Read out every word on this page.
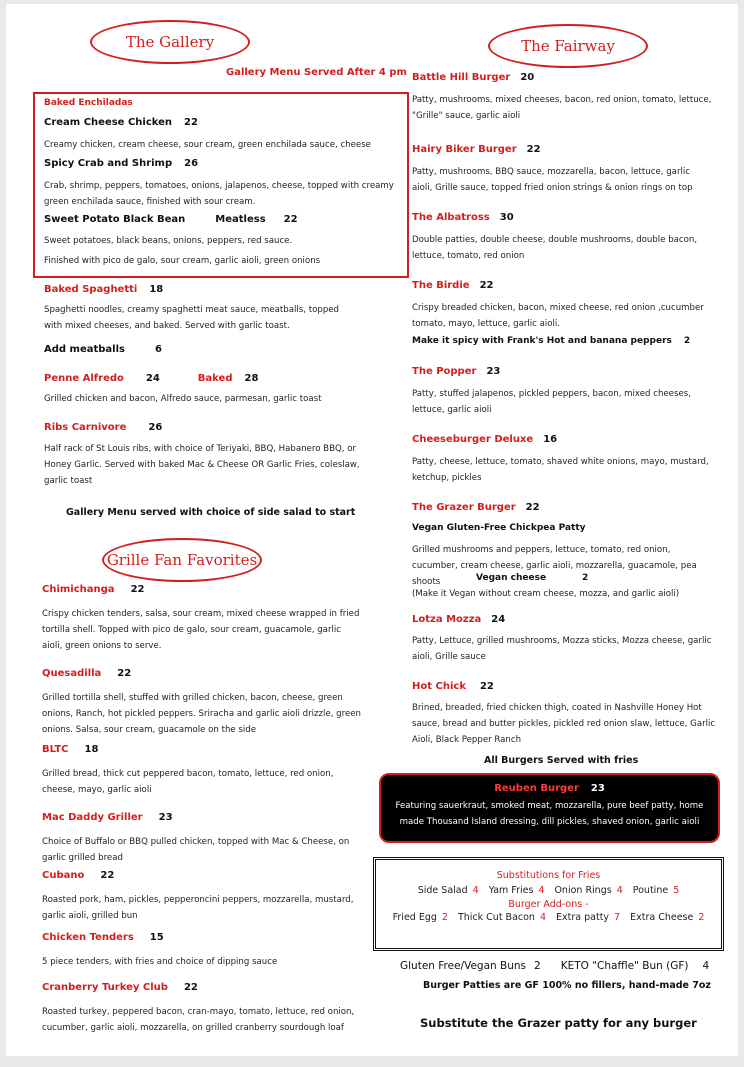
The Gallery
Gallery Menu Served After 4 pm
Baked Enchiladas
Cream Cheese Chicken 22
Creamy chicken, cream cheese, sour cream, green enchilada sauce, cheese
Spicy Crab and Shrimp 26
Crab, shrimp, peppers, tomatoes, onions, jalapenos, cheese, topped with creamy green enchilada sauce, finished with sour cream.
Sweet Potato Black Bean	Meatless 22
Sweet potatoes, black beans, onions, peppers, red sauce.
Finished with pico de galo, sour cream, garlic aioli, green onions
Baked Spaghetti 18
Spaghetti noodles, creamy spaghetti meat sauce, meatballs, topped with mixed cheeses, and baked. Served with garlic toast.
Add meatballs	6
Penne Alfredo 24	Baked 28
Grilled chicken and bacon, Alfredo sauce, parmesan, garlic toast
Ribs Carnivore 26
Half rack of St Louis ribs, with choice of Teriyaki, BBQ, Habanero BBQ, or Honey Garlic. Served with baked Mac & Cheese OR Garlic Fries, coleslaw, garlic toast
Gallery Menu served with choice of side salad to start
Grille Fan Favorites
Chimichanga 22
Crispy chicken tenders, salsa, sour cream, mixed cheese wrapped in fried tortilla shell. Topped with pico de galo, sour cream, guacamole, garlic aioli, green onions to serve.
Quesadilla 22
Grilled tortilla shell, stuffed with grilled chicken, bacon, cheese, green onions, Ranch, hot pickled peppers. Sriracha and garlic aioli drizzle, green onions. Salsa, sour cream, guacamole on the side
BLTC 18
Grilled bread, thick cut peppered bacon, tomato, lettuce, red onion, cheese, mayo, garlic aioli
Mac Daddy Griller 23
Choice of Buffalo or BBQ pulled chicken, topped with Mac & Cheese, on garlic grilled bread
Cubano 22
Roasted pork, ham, pickles, pepperoncini peppers, mozzarella, mustard, garlic aioli, grilled bun
Chicken Tenders 15
5 piece tenders, with fries and choice of dipping sauce
Cranberry Turkey Club 22
Roasted turkey, peppered bacon, cran-mayo, tomato, lettuce, red onion, cucumber, garlic aioli, mozzarella, on grilled cranberry sourdough loaf
The Fairway
Battle Hill Burger 20
Patty, mushrooms, mixed cheeses, bacon, red onion, tomato, lettuce, "Grille" sauce, garlic aioli
Hairy Biker Burger 22
Patty, mushrooms, BBQ sauce, mozzarella, bacon, lettuce, garlic aioli, Grille sauce, topped fried onion strings & onion rings on top
The Albatross 30
Double patties, double cheese, double mushrooms, double bacon, lettuce, tomato, red onion
The Birdie 22
Crispy breaded chicken, bacon, mixed cheese, red onion ,cucumber tomato, mayo, lettuce, garlic aioli.
The Popper 23
Patty, stuffed jalapenos, pickled peppers, bacon, mixed cheeses, lettuce, garlic aioli
Cheeseburger Deluxe 16
Patty, cheese, lettuce, tomato, shaved white onions, mayo, mustard, ketchup, pickles
Make it spicy with Frank's Hot and banana peppers 2
The Grazer Burger 22
Vegan Gluten-Free Chickpea Patty
Grilled mushrooms and peppers, lettuce, tomato, red onion, cucumber, cream cheese, garlic aioli, mozzarella, guacamole, pea shoots	Vegan cheese	2
(Make it Vegan without cream cheese, mozza, and garlic aioli)
Lotza Mozza 24
Patty, Lettuce, grilled mushrooms, Mozza sticks, Mozza cheese, garlic aioli, Grille sauce
Hot Chick 22
Brined, breaded, fried chicken thigh, coated in Nashville Honey Hot sauce, bread and butter pickles, pickled red onion slaw, lettuce, Garlic Aioli, Black Pepper Ranch
All Burgers Served with fries
Reuben Burger 23
Featuring sauerkraut, smoked meat, mozzarella, pure beef patty, home made Thousand Island dressing, dill pickles, shaved onion, garlic aioli
Substitutions for Fries
Side Salad 4 Yam Fries 4 Onion Rings 4 Poutine 5
Burger Add-ons -
Fried Egg 2 Thick Cut Bacon 4 Extra patty 7 Extra Cheese 2
Gluten Free/Vegan Buns 2 KETO "Chaffle" Bun (GF) 4
Burger Patties are GF 100% no fillers, hand-made 7oz
Substitute the Grazer patty for any burger
